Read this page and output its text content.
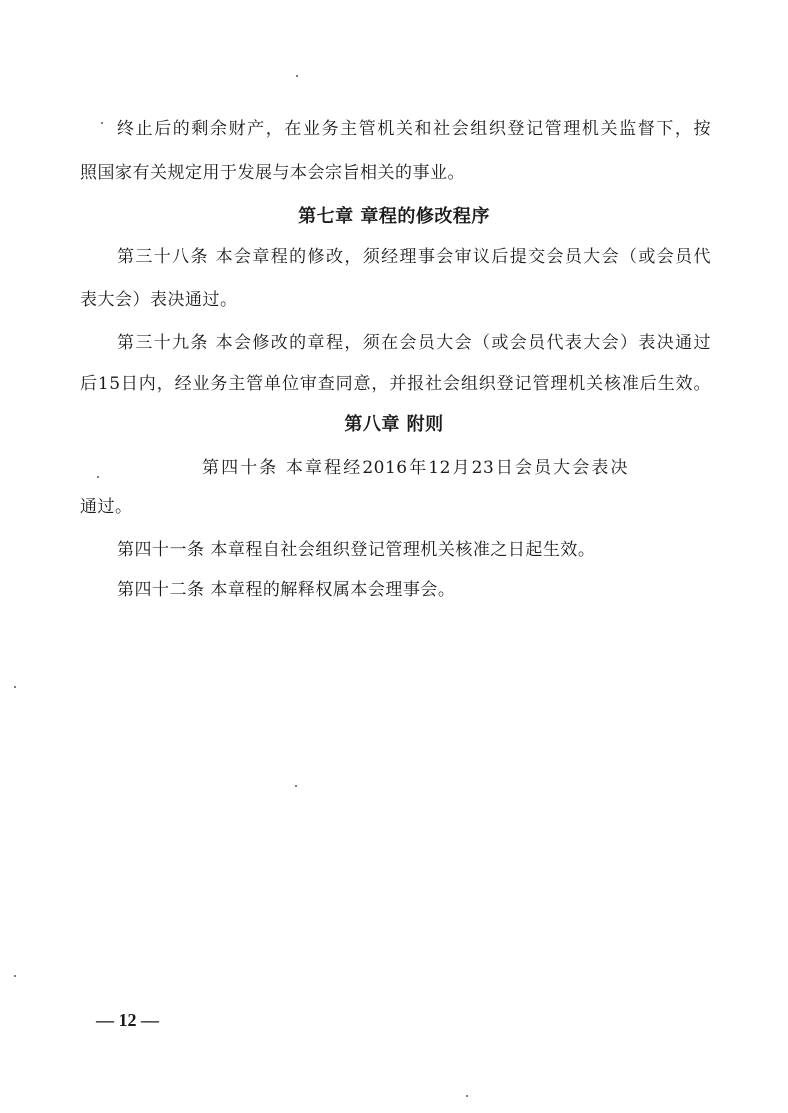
终止后的剩余财产，在业务主管机关和社会组织登记管理机关监督下，按
照国家有关规定用于发展与本会宗旨相关的事业。
第七章 章程的修改程序
第三十八条 本会章程的修改，须经理事会审议后提交会员大会（或会员代
表大会）表决通过。
第三十九条 本会修改的章程，须在会员大会（或会员代表大会）表决通过
后15日内，经业务主管单位审查同意，并报社会组织登记管理机关核准后生效。
第八章 附则
第四十条 本章程经2016年12月23日会员大会表决
通过。
第四十一条 本章程自社会组织登记管理机关核准之日起生效。
第四十二条 本章程的解释权属本会理事会。
— 12 —
